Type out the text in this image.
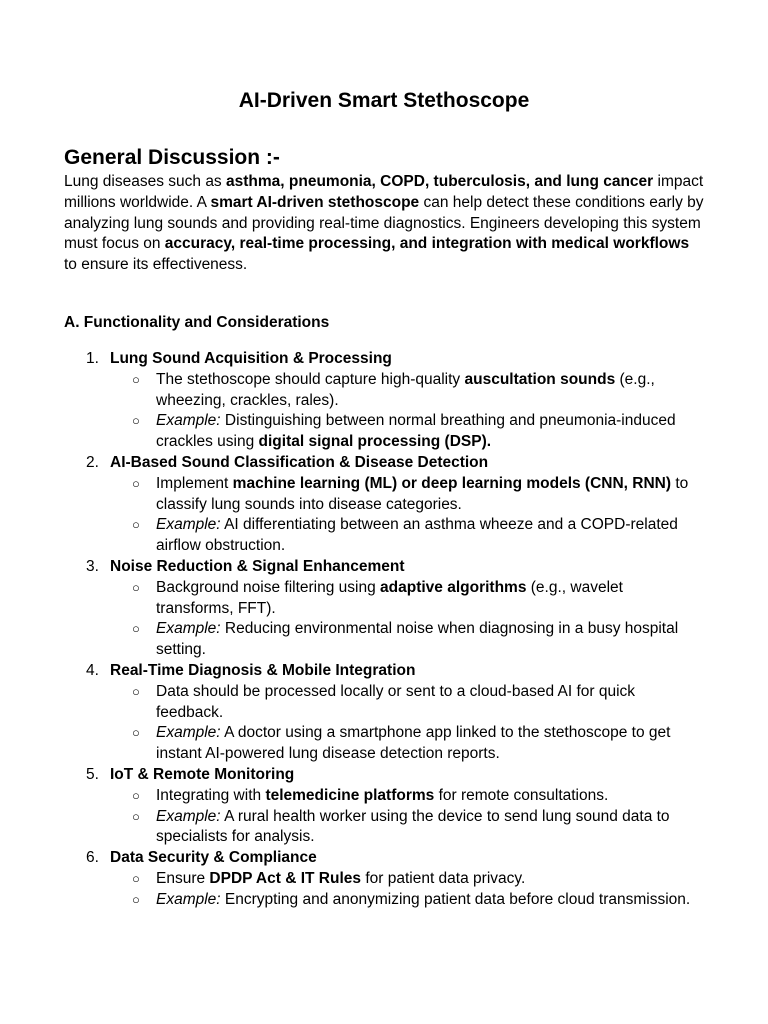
AI-Driven Smart Stethoscope
General Discussion :-

Lung diseases such as asthma, pneumonia, COPD, tuberculosis, and lung cancer impact millions worldwide. A smart AI-driven stethoscope can help detect these conditions early by analyzing lung sounds and providing real-time diagnostics. Engineers developing this system must focus on accuracy, real-time processing, and integration with medical workflows to ensure its effectiveness.

A. Functionality and Considerations
1. Lung Sound Acquisition & Processing
○ The stethoscope should capture high-quality auscultation sounds (e.g., wheezing, crackles, rales).
○ Example: Distinguishing between normal breathing and pneumonia-induced crackles using digital signal processing (DSP).
2. AI-Based Sound Classification & Disease Detection
○ Implement machine learning (ML) or deep learning models (CNN, RNN) to classify lung sounds into disease categories.
○ Example: AI differentiating between an asthma wheeze and a COPD-related airflow obstruction.
3. Noise Reduction & Signal Enhancement
○ Background noise filtering using adaptive algorithms (e.g., wavelet transforms, FFT).
○ Example: Reducing environmental noise when diagnosing in a busy hospital setting.
4. Real-Time Diagnosis & Mobile Integration
○ Data should be processed locally or sent to a cloud-based AI for quick feedback.
○ Example: A doctor using a smartphone app linked to the stethoscope to get instant AI-powered lung disease detection reports.
5. IoT & Remote Monitoring
○ Integrating with telemedicine platforms for remote consultations.
○ Example: A rural health worker using the device to send lung sound data to specialists for analysis.
6. Data Security & Compliance
○ Ensure DPDP Act & IT Rules for patient data privacy.
○ Example: Encrypting and anonymizing patient data before cloud transmission.
